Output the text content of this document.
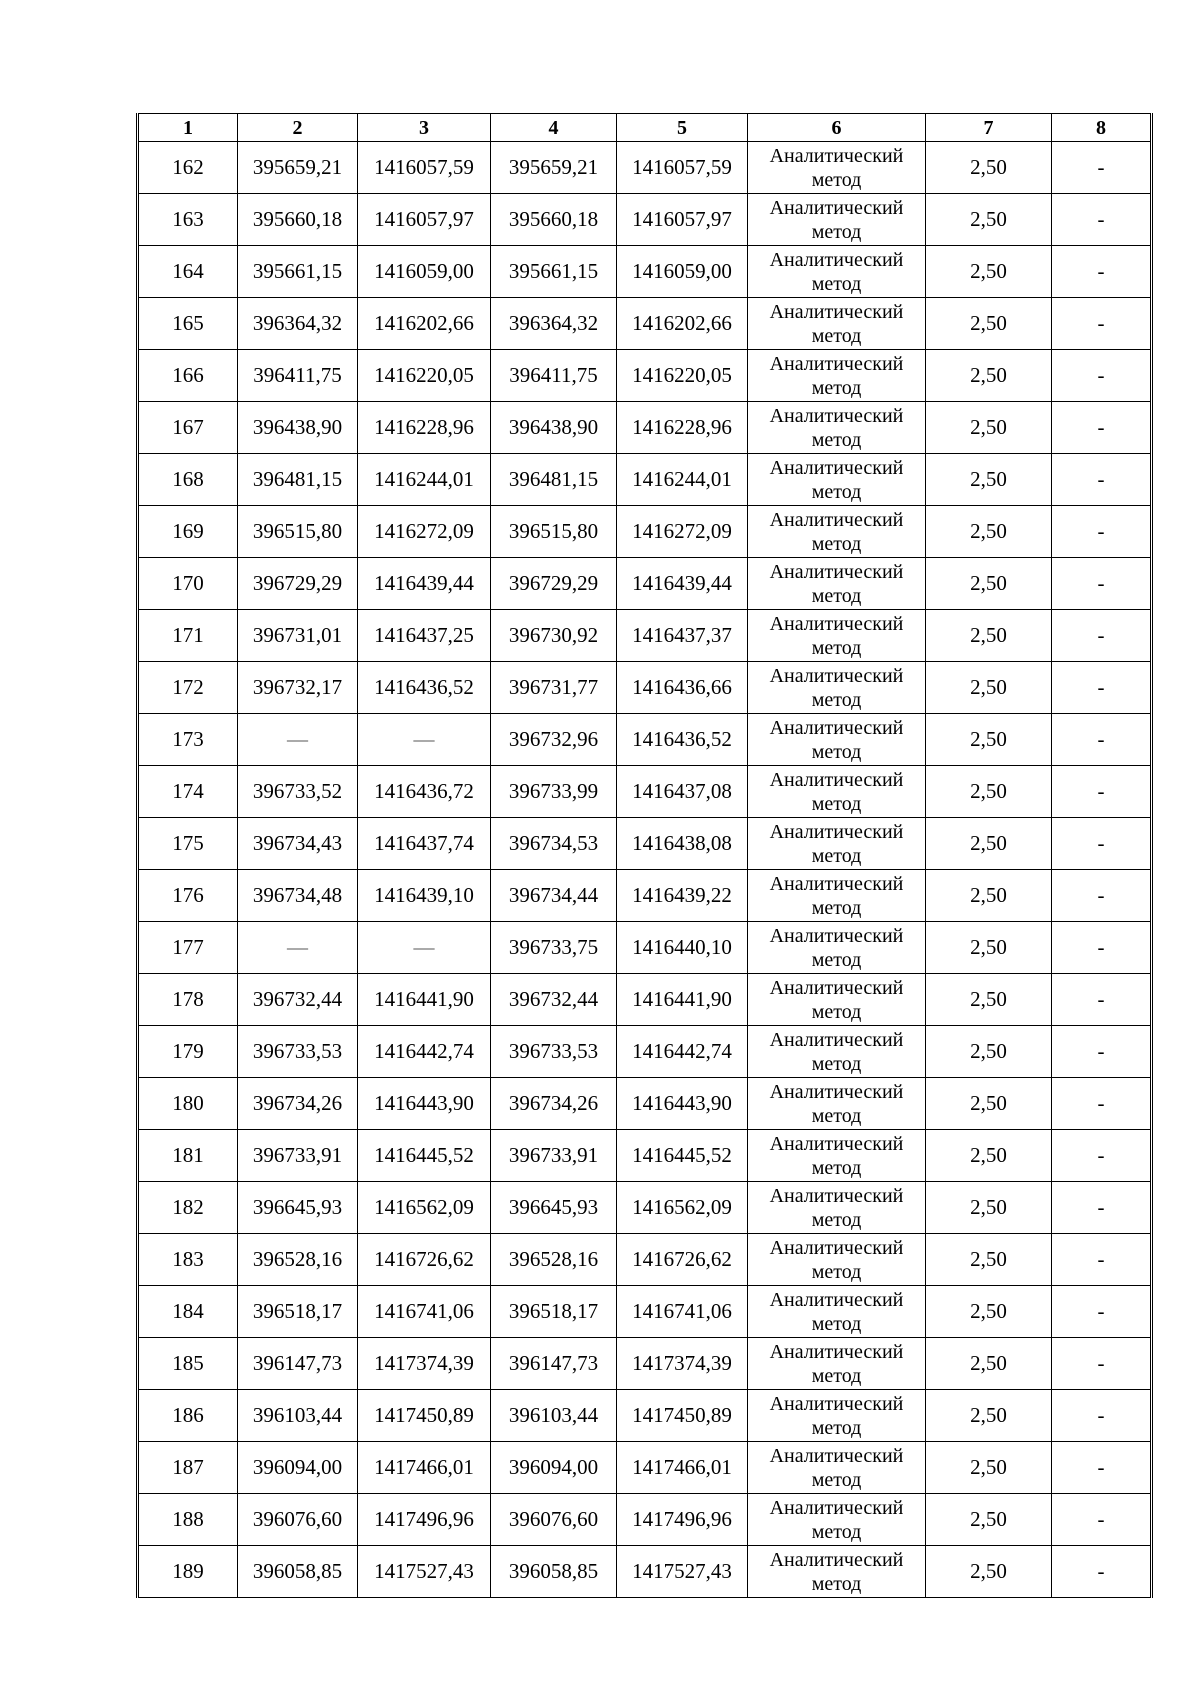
1	2	3	4	5	6	7	8
162	395659,21	1416057,59	395659,21	1416057,59	Аналитический метод	2,50	-
163	395660,18	1416057,97	395660,18	1416057,97	Аналитический метод	2,50	-
164	395661,15	1416059,00	395661,15	1416059,00	Аналитический метод	2,50	-
165	396364,32	1416202,66	396364,32	1416202,66	Аналитический метод	2,50	-
166	396411,75	1416220,05	396411,75	1416220,05	Аналитический метод	2,50	-
167	396438,90	1416228,96	396438,90	1416228,96	Аналитический метод	2,50	-
168	396481,15	1416244,01	396481,15	1416244,01	Аналитический метод	2,50	-
169	396515,80	1416272,09	396515,80	1416272,09	Аналитический метод	2,50	-
170	396729,29	1416439,44	396729,29	1416439,44	Аналитический метод	2,50	-
171	396731,01	1416437,25	396730,92	1416437,37	Аналитический метод	2,50	-
172	396732,17	1416436,52	396731,77	1416436,66	Аналитический метод	2,50	-
173	—	—	396732,96	1416436,52	Аналитический метод	2,50	-
174	396733,52	1416436,72	396733,99	1416437,08	Аналитический метод	2,50	-
175	396734,43	1416437,74	396734,53	1416438,08	Аналитический метод	2,50	-
176	396734,48	1416439,10	396734,44	1416439,22	Аналитический метод	2,50	-
177	—	—	396733,75	1416440,10	Аналитический метод	2,50	-
178	396732,44	1416441,90	396732,44	1416441,90	Аналитический метод	2,50	-
179	396733,53	1416442,74	396733,53	1416442,74	Аналитический метод	2,50	-
180	396734,26	1416443,90	396734,26	1416443,90	Аналитический метод	2,50	-
181	396733,91	1416445,52	396733,91	1416445,52	Аналитический метод	2,50	-
182	396645,93	1416562,09	396645,93	1416562,09	Аналитический метод	2,50	-
183	396528,16	1416726,62	396528,16	1416726,62	Аналитический метод	2,50	-
184	396518,17	1416741,06	396518,17	1416741,06	Аналитический метод	2,50	-
185	396147,73	1417374,39	396147,73	1417374,39	Аналитический метод	2,50	-
186	396103,44	1417450,89	396103,44	1417450,89	Аналитический метод	2,50	-
187	396094,00	1417466,01	396094,00	1417466,01	Аналитический метод	2,50	-
188	396076,60	1417496,96	396076,60	1417496,96	Аналитический метод	2,50	-
189	396058,85	1417527,43	396058,85	1417527,43	Аналитический метод	2,50	-
